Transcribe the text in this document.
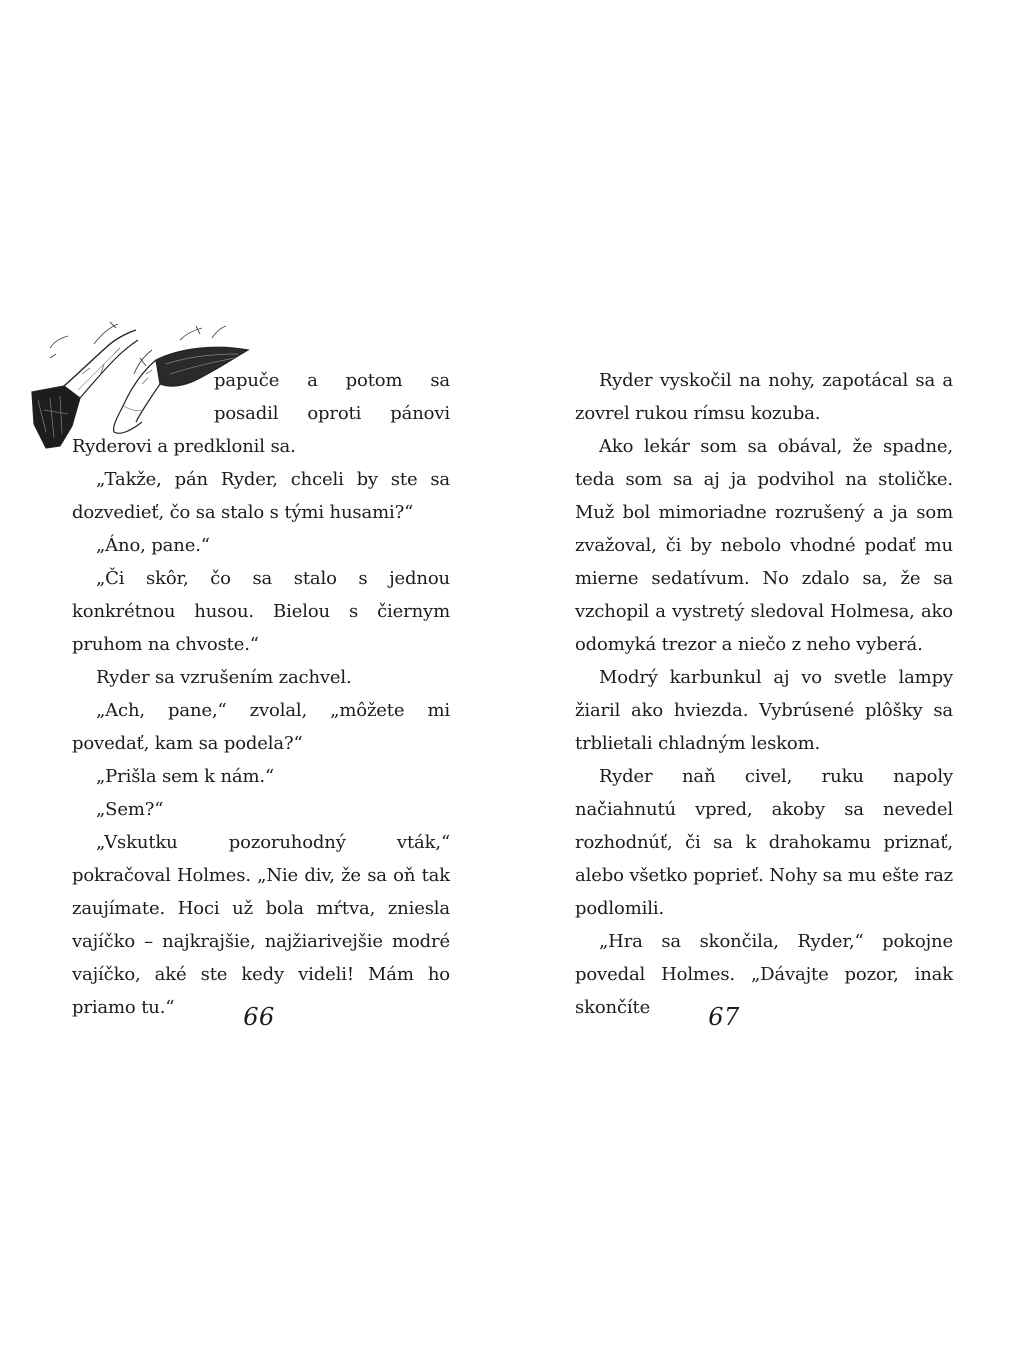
papuče a potom sa posadil oproti pánovi Ryderovi a predklonil sa.

„Takže, pán Ryder, chceli by ste sa dozvedieť, čo sa stalo s tými husami?“

„Áno, pane.“

„Či skôr, čo sa stalo s jednou konkrétnou husou. Bielou s čiernym pruhom na chvoste.“

Ryder sa vzrušením zachvel.

„Ach, pane,“ zvolal, „môžete mi povedať, kam sa podela?“

„Prišla sem k nám.“

„Sem?“

„Vskutku pozoruhodný vták,“ pokračoval Holmes. „Nie div, že sa oň tak zaujímate. Hoci už bola mŕtva, zniesla vajíčko – najkrajšie, najžiarivejšie modré vajíčko, aké ste kedy videli! Mám ho priamo tu.“	66

Ryder vyskočil na nohy, zapotácal sa a zovrel rukou rímsu kozuba.

Ako lekár som sa obával, že spadne, teda som sa aj ja podvihol na stoličke. Muž bol mimoriadne rozrušený a ja som zvažoval, či by nebolo vhodné podať mu mierne sedatívum. No zdalo sa, že sa vzchopil a vystretý sledoval Holmesa, ako odomyká trezor a niečo z neho vyberá.

Modrý karbunkul aj vo svetle lampy žiaril ako hviezda. Vybrúsené plôšky sa trblietali chladným leskom.

Ryder naň civel, ruku napoly načiahnutú vpred, akoby sa nevedel rozhodnúť, či sa k drahokamu priznať, alebo všetko poprieť. Nohy sa mu ešte raz podlomili.

„Hra sa skončila, Ryder,“ pokojne povedal Holmes. „Dávajte pozor, inak skončíte	67
